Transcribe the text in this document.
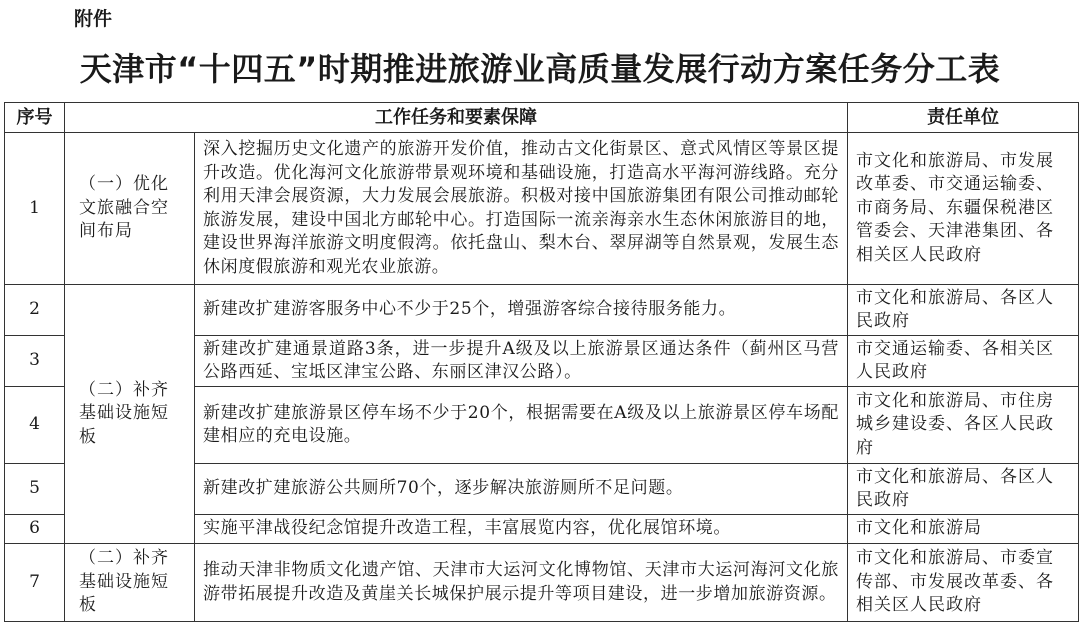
附件
天津市“十四五”时期推进旅游业高质量发展行动方案任务分工表
序号	工作任务和要素保障		责任单位
1	（一）优化文旅融合空间布局	深入挖掘历史文化遗产的旅游开发价值，推动古文化街景区、意式风情区等景区提升改造。优化海河文化旅游带景观环境和基础设施，打造高水平海河游线路。充分利用天津会展资源，大力发展会展旅游。积极对接中国旅游集团有限公司推动邮轮旅游发展，建设中国北方邮轮中心。打造国际一流亲海亲水生态休闲旅游目的地，建设世界海洋旅游文明度假湾。依托盘山、梨木台、翠屏湖等自然景观，发展生态休闲度假旅游和观光农业旅游。	市文化和旅游局、市发展改革委、市交通运输委、市商务局、东疆保税港区管委会、天津港集团、各相关区人民政府
2	（二）补齐基础设施短板	新建改扩建游客服务中心不少于25个，增强游客综合接待服务能力。	市文化和旅游局、各区人民政府
3		新建改扩建通景道路3条，进一步提升A级及以上旅游景区通达条件（蓟州区马营公路西延、宝坻区津宝公路、东丽区津汉公路）。	市交通运输委、各相关区人民政府
4		新建改扩建旅游景区停车场不少于20个，根据需要在A级及以上旅游景区停车场配建相应的充电设施。	市文化和旅游局、市住房城乡建设委、各区人民政府
5		新建改扩建旅游公共厕所70个，逐步解决旅游厕所不足问题。	市文化和旅游局、各区人民政府
6		实施平津战役纪念馆提升改造工程，丰富展览内容，优化展馆环境。	市文化和旅游局
7	（二）补齐基础设施短板	推动天津非物质文化遗产馆、天津市大运河文化博物馆、天津市大运河海河文化旅游带拓展提升改造及黄崖关长城保护展示提升等项目建设，进一步增加旅游资源。	市文化和旅游局、市委宣传部、市发展改革委、各相关区人民政府
